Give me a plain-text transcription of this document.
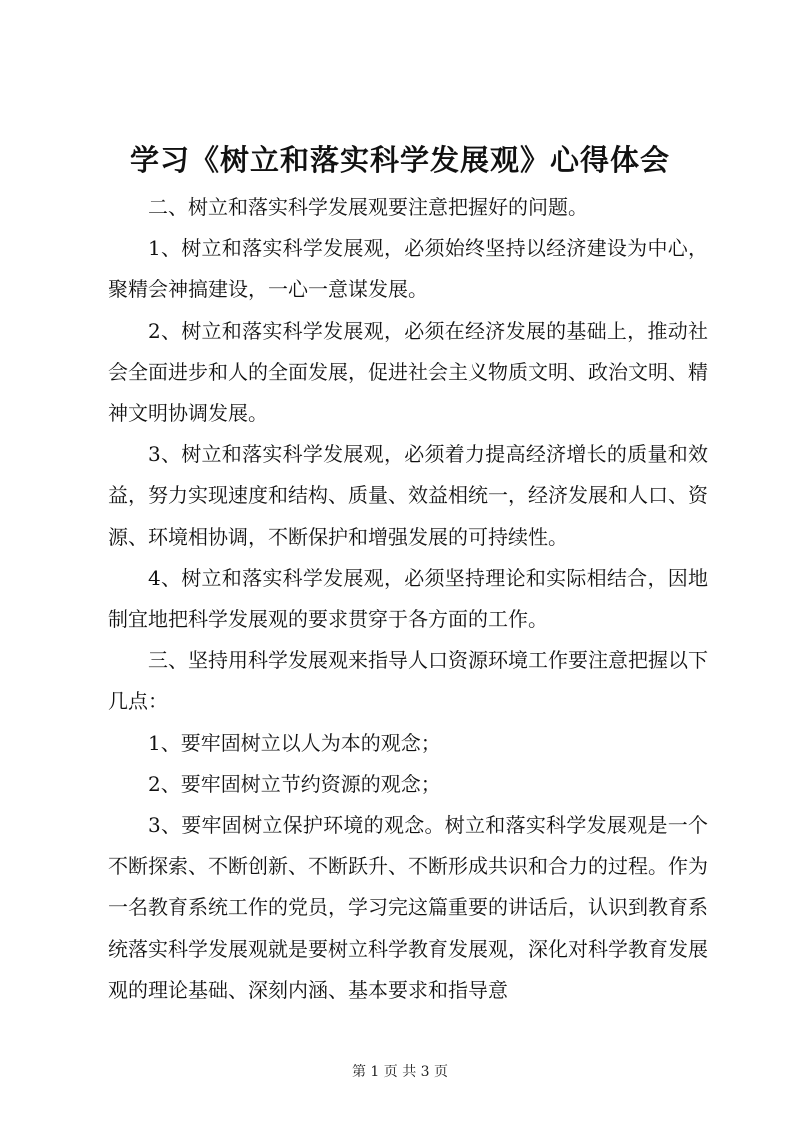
学习《树立和落实科学发展观》心得体会

二、树立和落实科学发展观要注意把握好的问题。

1、树立和落实科学发展观，必须始终坚持以经济建设为中心，聚精会神搞建设，一心一意谋发展。

2、树立和落实科学发展观，必须在经济发展的基础上，推动社会全面进步和人的全面发展，促进社会主义物质文明、政治文明、精神文明协调发展。

3、树立和落实科学发展观，必须着力提高经济增长的质量和效益，努力实现速度和结构、质量、效益相统一，经济发展和人口、资源、环境相协调，不断保护和增强发展的可持续性。

4、树立和落实科学发展观，必须坚持理论和实际相结合，因地制宜地把科学发展观的要求贯穿于各方面的工作。

三、坚持用科学发展观来指导人口资源环境工作要注意把握以下几点：

1、要牢固树立以人为本的观念；

2、要牢固树立节约资源的观念；

3、要牢固树立保护环境的观念。树立和落实科学发展观是一个不断探索、不断创新、不断跃升、不断形成共识和合力的过程。作为一名教育系统工作的党员，学习完这篇重要的讲话后，认识到教育系统落实科学发展观就是要树立科学教育发展观，深化对科学教育发展观的理论基础、深刻内涵、基本要求和指导意

第 1 页 共 3 页
